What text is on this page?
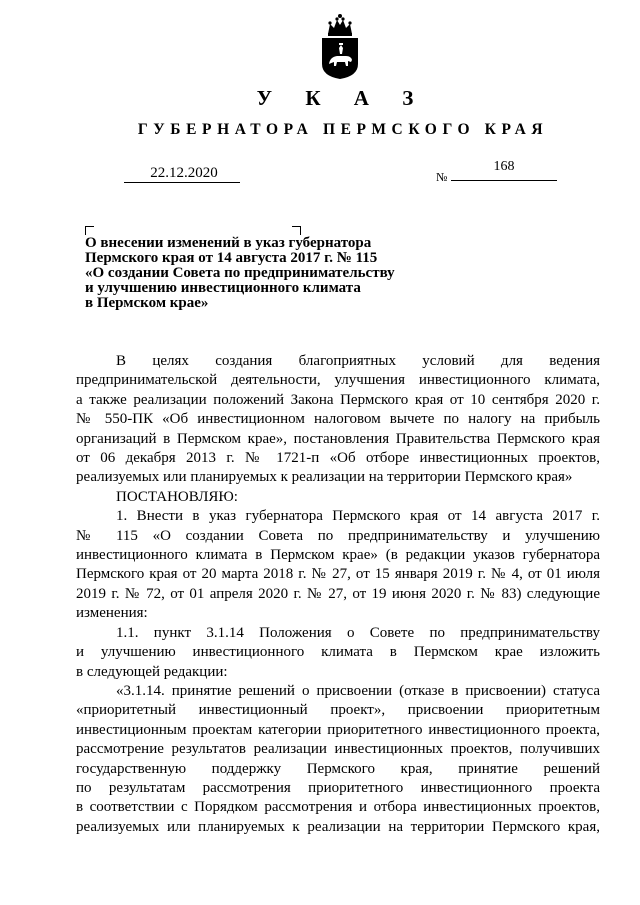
У К А З
ГУБЕРНАТОРА ПЕРМСКОГО КРАЯ
22.12.2020	№
168
О внесении изменений в указ губернатора
Пермского края от 14 августа 2017 г. № 115
«О создании Совета по предпринимательству
и улучшению инвестиционного климата
в Пермском крае»
В целях создания благоприятных условий для ведения
предпринимательской деятельности, улучшения инвестиционного климата,
а также реализации положений Закона Пермского края от 10 сентября 2020 г.
№ 550-ПК «Об инвестиционном налоговом вычете по налогу на прибыль
организаций в Пермском крае», постановления Правительства Пермского края
от 06 декабря 2013 г. № 1721-п «Об отборе инвестиционных проектов,
реализуемых или планируемых к реализации на территории Пермского края»
ПОСТАНОВЛЯЮ:
1. Внести в указ губернатора Пермского края от 14 августа 2017 г.
№ 115 «О создании Совета по предпринимательству и улучшению
инвестиционного климата в Пермском крае» (в редакции указов губернатора
Пермского края от 20 марта 2018 г. № 27, от 15 января 2019 г. № 4, от 01 июля
2019 г. № 72, от 01 апреля 2020 г. № 27, от 19 июня 2020 г. № 83) следующие
изменения:
1.1. пункт 3.1.14 Положения о Совете по предпринимательству
и улучшению инвестиционного климата в Пермском крае изложить
в следующей редакции:
«3.1.14. принятие решений о присвоении (отказе в присвоении) статуса
«приоритетный инвестиционный проект», присвоении приоритетным
инвестиционным проектам категории приоритетного инвестиционного проекта,
рассмотрение результатов реализации инвестиционных проектов, получивших
государственную поддержку Пермского края, принятие решений
по результатам рассмотрения приоритетного инвестиционного проекта
в соответствии с Порядком рассмотрения и отбора инвестиционных проектов,
реализуемых или планируемых к реализации на территории Пермского края,
